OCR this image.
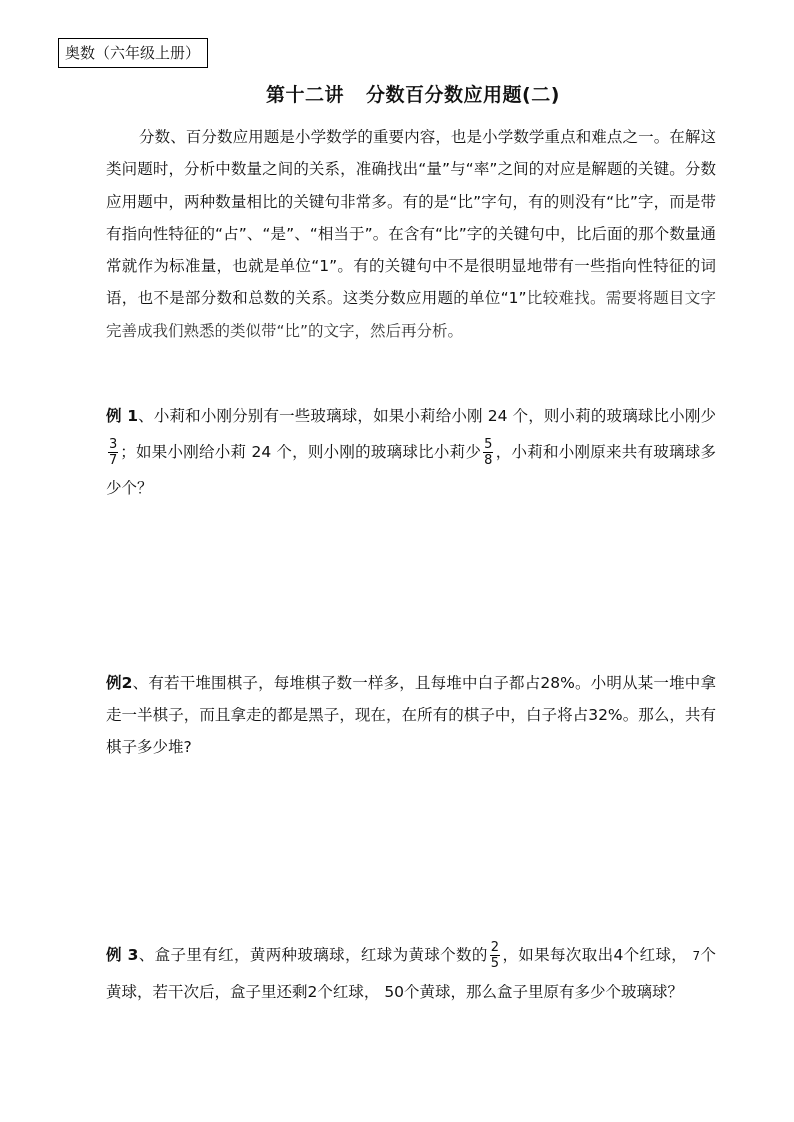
奥数（六年级上册）
第十二讲 分数百分数应用题(二)

分数、百分数应用题是小学数学的重要内容，也是小学数学重点和难点之一。在解这类问题时，分析中数量之间的关系，准确找出“量”与“率”之间的对应是解题的关键。分数应用题中，两种数量相比的关键句非常多。有的是“比”字句，有的则没有“比”字，而是带有指向性特征的“占”、“是”、“相当于”。在含有“比”字的关键句中，比后面的那个数量通常就作为标准量，也就是单位“1”。有的关键句中不是很明显地带有一些指向性特征的词语，也不是部分数和总数的关系。这类分数应用题的单位“1”比较难找。需要将题目文字完善成我们熟悉的类似带“比”的文字，然后再分析。

例 1、小莉和小刚分别有一些玻璃球，如果小莉给小刚 24 个，则小莉的玻璃球比小刚少
$\frac{3}{7}$ ；如果小刚给小莉 24 个，则小刚的玻璃球比小莉少 $\frac{5}{8}$ ，小莉和小刚原来共有玻璃球多少个？

例2、有若干堆围棋子，每堆棋子数一样多，且每堆中白子都占28%。小明从某一堆中拿走一半棋子，而且拿走的都是黑子，现在，在所有的棋子中，白子将占32%。那么，共有棋子多少堆?

例 3、盒子里有红，黄两种玻璃球，红球为黄球个数的 $\frac{2}{5}$ ，如果每次取出4个红球， 7个黄球，若干次后，盒子里还剩2个红球， 50个黄球，那么盒子里原有多少个玻璃球？
